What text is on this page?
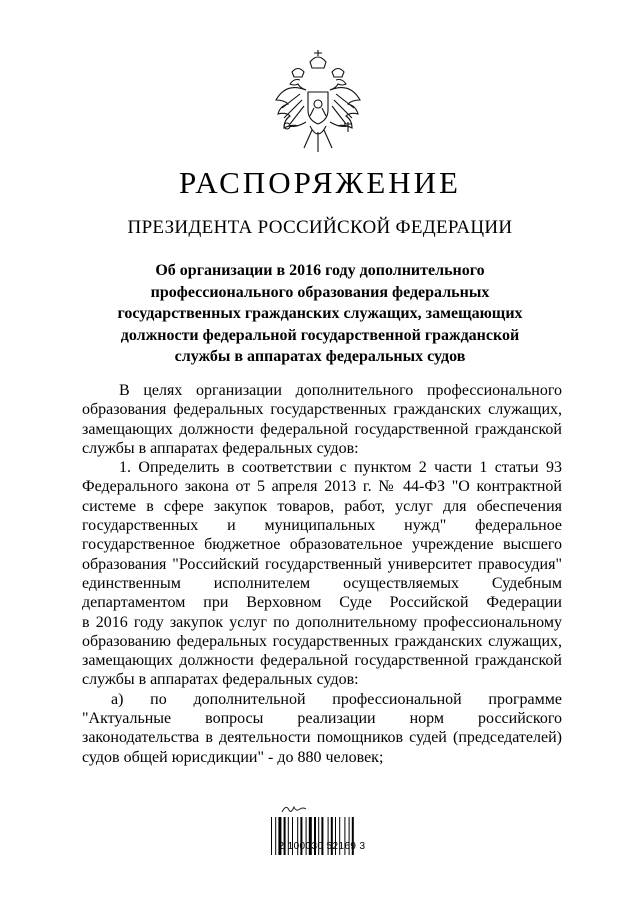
РАСПОРЯЖЕНИЕ
ПРЕЗИДЕНТА РОССИЙСКОЙ ФЕДЕРАЦИИ
Об организации в 2016 году дополнительного
профессионального образования федеральных
государственных гражданских служащих, замещающих
должности федеральной государственной гражданской
службы в аппаратах федеральных судов
В целях организации дополнительного профессионального
образования федеральных государственных гражданских служащих,
замещающих должности федеральной государственной гражданской
службы в аппаратах федеральных судов:
1. Определить в соответствии с пунктом 2 части 1 статьи 93
Федерального закона от 5 апреля 2013 г. № 44-ФЗ "О контрактной
системе в сфере закупок товаров, работ, услуг для обеспечения
государственных и муниципальных нужд" федеральное
государственное бюджетное образовательное учреждение высшего
образования "Российский государственный университет правосудия"
единственным исполнителем осуществляемых Судебным
департаментом при Верховном Суде Российской Федерации
в 2016 году закупок услуг по дополнительному профессиональному
образованию федеральных государственных гражданских служащих,
замещающих должности федеральной государственной гражданской
службы в аппаратах федеральных судов:
а) по дополнительной профессиональной программе
"Актуальные вопросы реализации норм российского
законодательства в деятельности помощников судей (председателей)
судов общей юрисдикции" - до 880 человек;
2 100030 52169 3
